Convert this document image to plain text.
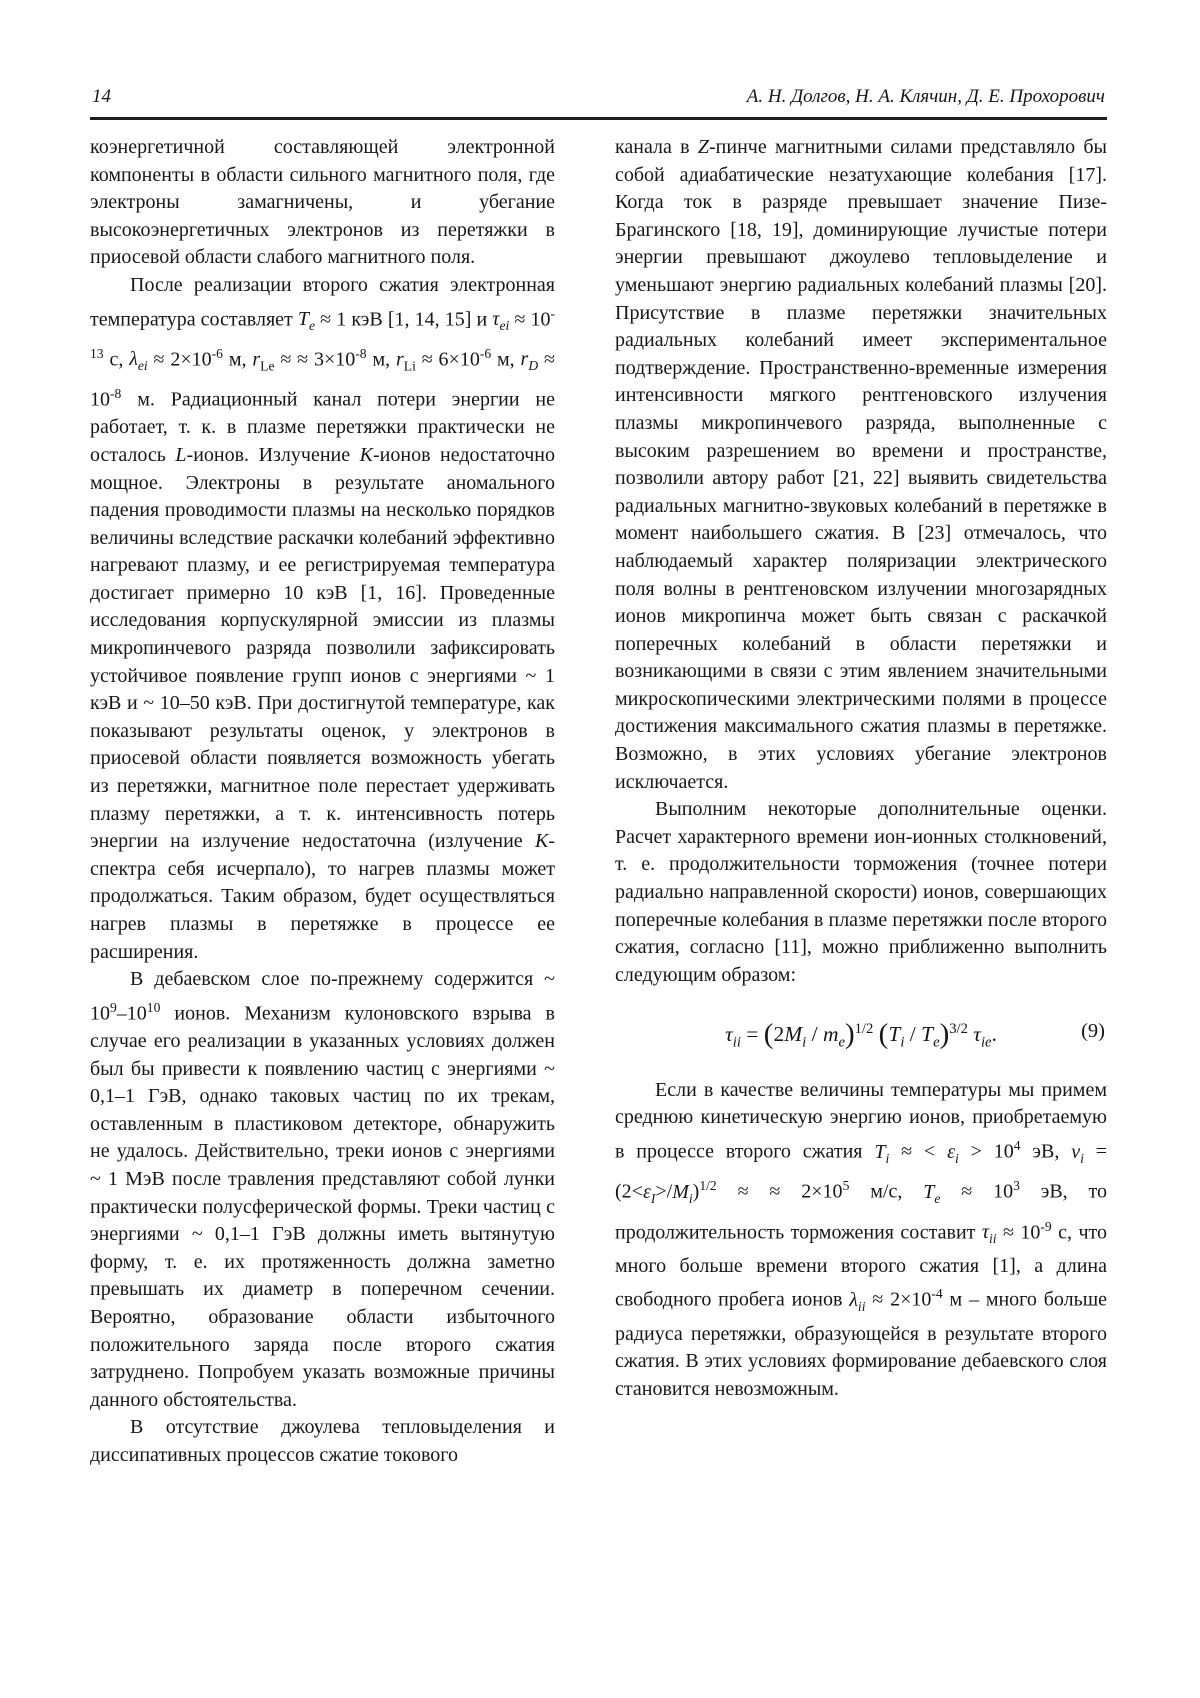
14	А. Н. Долгов, Н. А. Клячин, Д. Е. Прохорович

коэнергетичной составляющей электронной компоненты в области сильного магнитного поля, где электроны замагничены, и убегание высокоэнергетичных электронов из перетяжки в приосевой области слабого магнитного поля.

После реализации второго сжатия электронная температура составляет $T_e \approx 1$ кэВ [1, 14, 15] и $\tau_{ei} \approx 10^{-13}$ с, $\lambda_{ei} \approx 2\times 10^{-6}$ м, $r_{Le}$ ≈ ≈ $3\times 10^{-8}$ м, $r_{Li} \approx 6\times 10^{-6}$ м, $r_D \approx 10^{-8}$ м. Радиационный канал потери энергии не работает, т. к. в плазме перетяжки практически не осталось L-ионов. Излучение K-ионов недостаточно мощное. Электроны в результате аномального падения проводимости плазмы на несколько порядков величины вследствие раскачки колебаний эффективно нагревают плазму, и ее регистрируемая температура достигает примерно 10 кэВ [1, 16]. Проведенные исследования корпускулярной эмиссии из плазмы микропинчевого разряда позволили зафиксировать устойчивое появление групп ионов с энергиями ~ 1 кэВ и ~ 10–50 кэВ. При достигнутой температуре, как показывают результаты оценок, у электронов в приосевой области появляется возможность убегать из перетяжки, магнитное поле перестает удерживать плазму перетяжки, а т. к. интенсивность потерь энергии на излучение недостаточна (излучение K-спектра себя исчерпало), то нагрев плазмы может продолжаться. Таким образом, будет осуществляться нагрев плазмы в перетяжке в процессе ее расширения.

В дебаевском слое по-прежнему содержится ~ $10^9-10^{10}$ ионов. Механизм кулоновского взрыва в случае его реализации в указанных условиях должен был бы привести к появлению частиц с энергиями ~ 0,1–1 ГэВ, однако таковых частиц по их трекам, оставленным в пластиковом детекторе, обнаружить не удалось. Действительно, треки ионов с энергиями ~ 1 МэВ после травления представляют собой лунки практически полусферической формы. Треки частиц с энергиями ~ 0,1–1 ГэВ должны иметь вытянутую форму, т. е. их протяженность должна заметно превышать их диаметр в поперечном сечении. Вероятно, образование области избыточного положительного заряда после второго сжатия затруднено. Попробуем указать возможные причины данного обстоятельства.

В отсутствие джоулева тепловыделения и диссипативных процессов сжатие токового

канала в Z-пинче магнитными силами представляло бы собой адиабатические незатухающие колебания [17]. Когда ток в разряде превышает значение Пизе-Брагинского [18, 19], доминирующие лучистые потери энергии превышают джоулево тепловыделение и уменьшают энергию радиальных колебаний плазмы [20]. Присутствие в плазме перетяжки значительных радиальных колебаний имеет экспериментальное подтверждение. Пространственно-временные измерения интенсивности мягкого рентгеновского излучения плазмы микропинчевого разряда, выполненные с высоким разрешением во времени и пространстве, позволили автору работ [21, 22] выявить свидетельства радиальных магнитно-звуковых колебаний в перетяжке в момент наибольшего сжатия. В [23] отмечалось, что наблюдаемый характер поляризации электрического поля волны в рентгеновском излучении многозарядных ионов микропинча может быть связан с раскачкой поперечных колебаний в области перетяжки и возникающими в связи с этим явлением значительными микроскопическими электрическими полями в процессе достижения максимального сжатия плазмы в перетяжке. Возможно, в этих условиях убегание электронов исключается.

Выполним некоторые дополнительные оценки. Расчет характерного времени ион-ионных столкновений, т. е. продолжительности торможения (точнее потери радиально направленной скорости) ионов, совершающих поперечные колебания в плазме перетяжки после второго сжатия, согласно [11], можно приближенно выполнить следующим образом:

$\tau_{ii} = (2M_i / m_e)^{1/2}$ $(T_i / T_e)^{3/2}$ $\tau_{ie}$.	(9)

Если в качестве величины температуры мы примем среднюю кинетическую энергию ионов, приобретаемую в процессе второго сжатия $T_i$ ≈ < $\varepsilon_i > 10^4$ эВ, $v_i = (2<\varepsilon_I>/M_i)^{1/2}$ ≈ ≈ $2\times 10^5$ м/с, $T_e \approx 10^3$ эВ, то продолжительность торможения составит $\tau_{ii} \approx 10^{-9}$ с, что много больше времени второго сжатия [1], а длина свободного пробега ионов $\lambda_{ii} \approx 2\times 10^{-4}$ м – много больше радиуса перетяжки, образующейся в результате второго сжатия. В этих условиях формирование дебаевского слоя становится невозможным.
